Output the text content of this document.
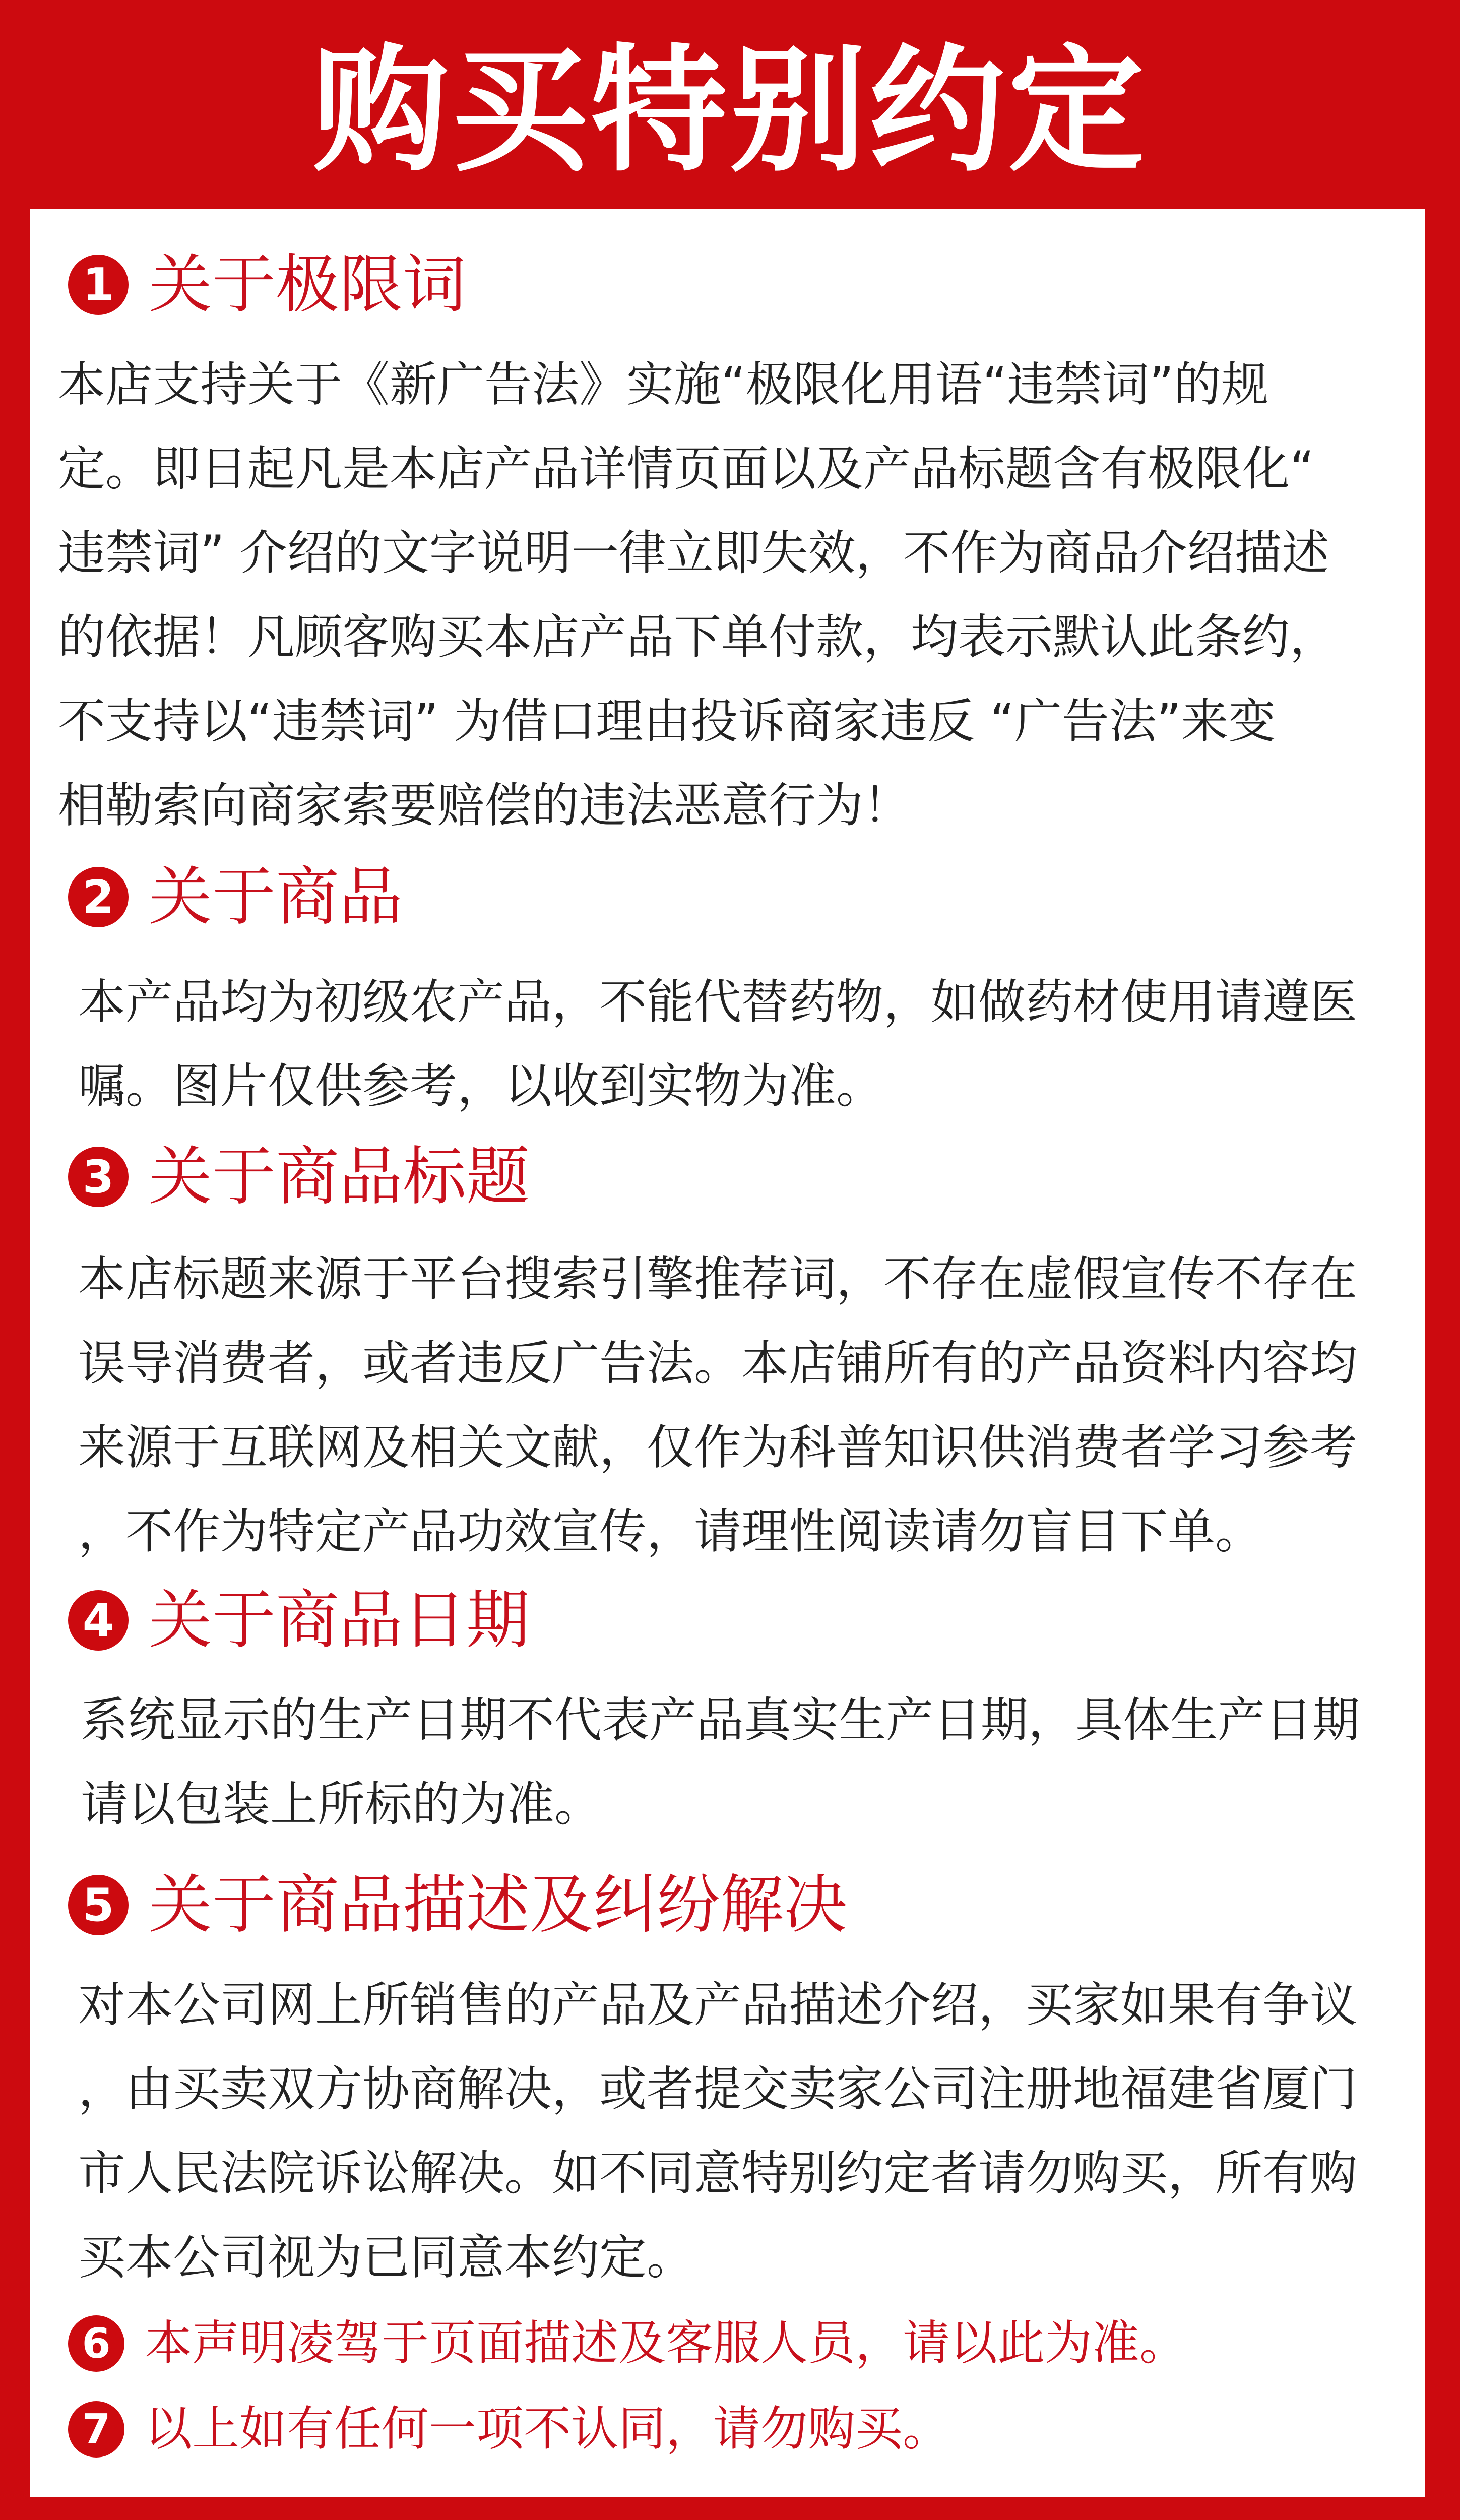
购买特别约定
1 关于极限词
本店支持关于《新广告法》实施“极限化用语“违禁词”的规
定。即日起凡是本店产品详情页面以及产品标题含有极限化“
违禁词” 介绍的文字说明一律立即失效，不作为商品介绍描述
的依据！凡顾客购买本店产品下单付款，均表示默认此条约，
不支持以“违禁词” 为借口理由投诉商家违反 “广告法”来变
相勒索向商家索要赔偿的违法恶意行为！
2 关于商品
本产品均为初级农产品，不能代替药物，如做药材使用请遵医
嘱。图片仅供参考，以收到实物为准。
3 关于商品标题
本店标题来源于平台搜索引擎推荐词，不存在虚假宣传不存在
误导消费者，或者违反广告法。本店铺所有的产品资料内容均
来源于互联网及相关文献，仅作为科普知识供消费者学习参考
，不作为特定产品功效宣传，请理性阅读请勿盲目下单。
4 关于商品日期
系统显示的生产日期不代表产品真实生产日期，具体生产日期
请以包装上所标的为准。
5 关于商品描述及纠纷解决
对本公司网上所销售的产品及产品描述介绍，买家如果有争议
，由买卖双方协商解决，或者提交卖家公司注册地福建省厦门
市人民法院诉讼解决。如不同意特别约定者请勿购买，所有购
买本公司视为已同意本约定。
6 本声明凌驾于页面描述及客服人员，请以此为准。
7 以上如有任何一项不认同，请勿购买。
